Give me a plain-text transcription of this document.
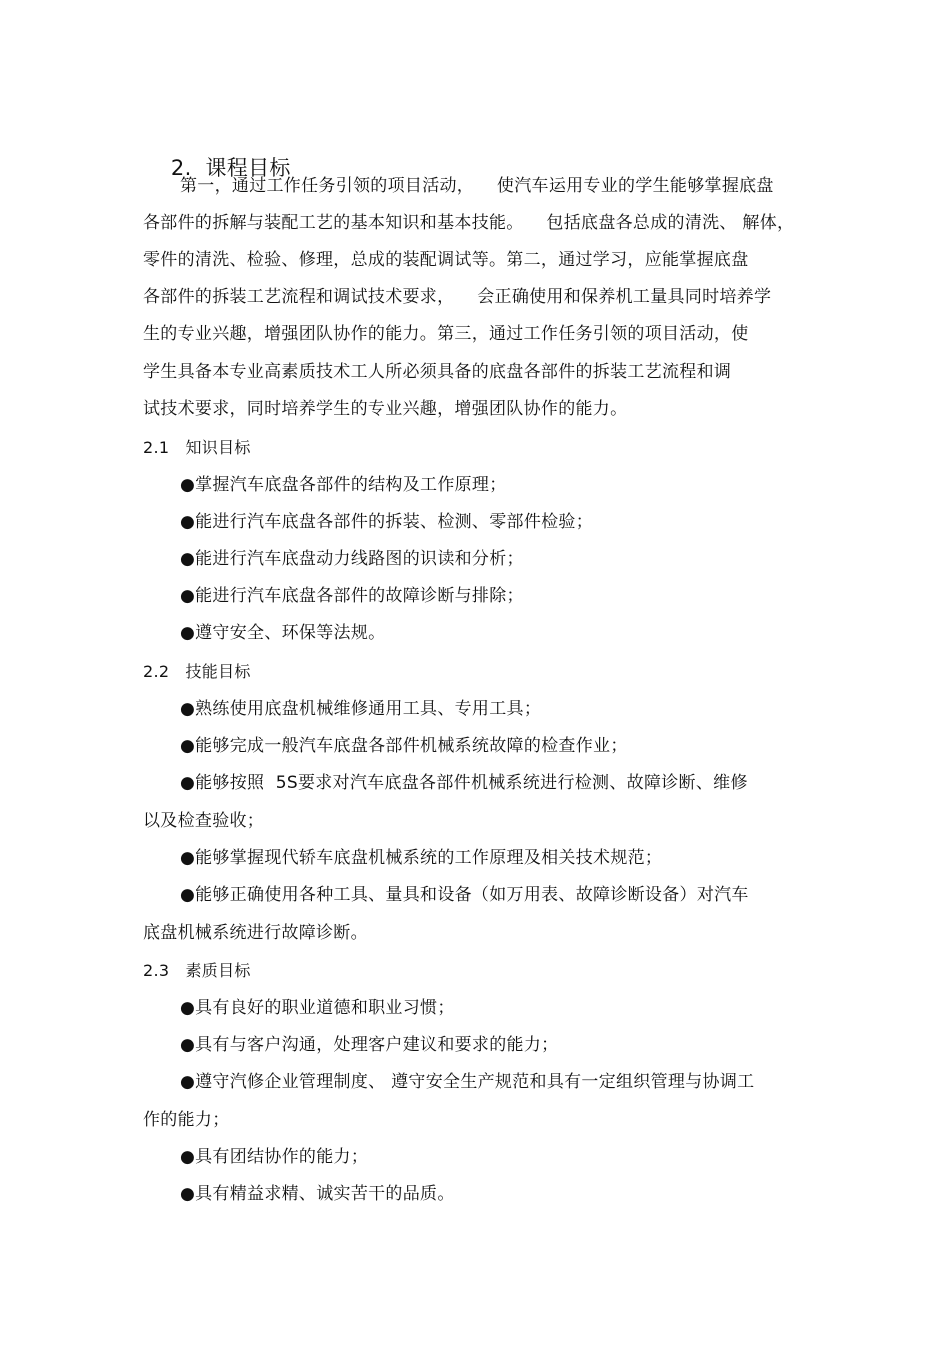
2. 课程目标

第一，通过工作任务引领的项目活动，    使汽车运用专业的学生能够掌握底盘
各部件的拆解与装配工艺的基本知识和基本技能。    包括底盘各总成的清洗、 解体，
零件的清洗、检验、修理，总成的装配调试等。第二，通过学习，应能掌握底盘
各部件的拆装工艺流程和调试技术要求，    会正确使用和保养机工量具同时培养学
生的专业兴趣，增强团队协作的能力。第三，通过工作任务引领的项目活动，使
学生具备本专业高素质技术工人所必须具备的底盘各部件的拆装工艺流程和调
试技术要求，同时培养学生的专业兴趣，增强团队协作的能力。
2.1   知识目标
●掌握汽车底盘各部件的结构及工作原理；
●能进行汽车底盘各部件的拆装、检测、零部件检验；
●能进行汽车底盘动力线路图的识读和分析；
●能进行汽车底盘各部件的故障诊断与排除；
●遵守安全、环保等法规。
2.2   技能目标
●熟练使用底盘机械维修通用工具、专用工具；
●能够完成一般汽车底盘各部件机械系统故障的检查作业；
●能够按照  5S要求对汽车底盘各部件机械系统进行检测、故障诊断、维修
以及检查验收；
●能够掌握现代轿车底盘机械系统的工作原理及相关技术规范；
●能够正确使用各种工具、量具和设备（如万用表、故障诊断设备）对汽车
底盘机械系统进行故障诊断。
2.3   素质目标
●具有良好的职业道德和职业习惯；
●具有与客户沟通，处理客户建议和要求的能力；
●遵守汽修企业管理制度、 遵守安全生产规范和具有一定组织管理与协调工
作的能力；
●具有团结协作的能力；
●具有精益求精、诚实苦干的品质。
